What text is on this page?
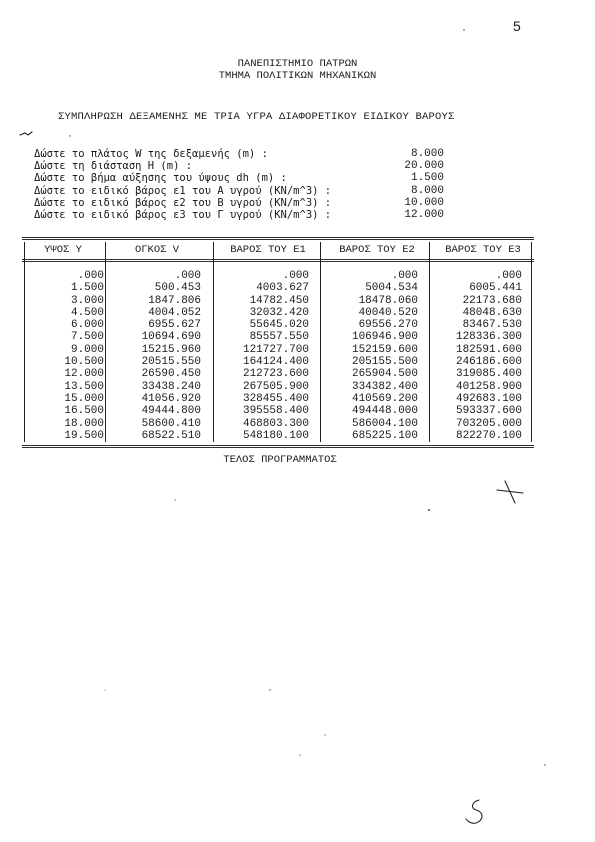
5
ΠΑΝΕΠΙΣΤΗΜΙΟ ΠΑΤΡΩΝ
ΤΜΗΜΑ ΠΟΛΙΤΙΚΩΝ ΜΗΧΑΝΙΚΩΝ
ΣΥΜΠΛΗΡΩΣΗ ΔΕΞΑΜΕΝΗΣ ΜΕ ΤΡΙΑ ΥΓΡΑ ΔΙΑΦΟΡΕΤΙΚΟΥ ΕΙΔΙΚΟΥ ΒΑΡΟΥΣ
Δώστε το πλάτος W της δεξαμενής (m) :	8.000
Δώστε τη διάσταση H (m) :	20.000
Δώστε το βήμα αύξησης του ύψους dh (m) :	1.500
Δώστε το ειδικό βάρος ε1 του Α υγρού (KN/m^3) :	8.000
Δώστε το ειδικό βάρος ε2 του Β υγρού (KN/m^3) :	10.000
Δώστε το ειδικό βάρος ε3 του Γ υγρού (KN/m^3) :	12.000
ΥΨΟΣ Y	ΟΓΚΟΣ V	ΒΑΡΟΣ ΤΟΥ Ε1	ΒΑΡΟΣ ΤΟΥ Ε2	ΒΑΡΟΣ ΤΟΥ Ε3
.000	.000	.000	.000	.000
1.500	500.453	4003.627	5004.534	6005.441
3.000	1847.806	14782.450	18478.060	22173.680
4.500	4004.052	32032.420	40040.520	48048.630
6.000	6955.627	55645.020	69556.270	83467.530
7.500	10694.690	85557.550	106946.900	128336.300
9.000	15215.960	121727.700	152159.600	182591.600
10.500	20515.550	164124.400	205155.500	246186.600
12.000	26590.450	212723.600	265904.500	319085.400
13.500	33438.240	267505.900	334382.400	401258.900
15.000	41056.920	328455.400	410569.200	492683.100
16.500	49444.800	395558.400	494448.000	593337.600
18.000	58600.410	468803.300	586004.100	703205.000
19.500	68522.510	548180.100	685225.100	822270.100
ΤΕΛΟΣ ΠΡΟΓΡΑΜΜΑΤΟΣ
